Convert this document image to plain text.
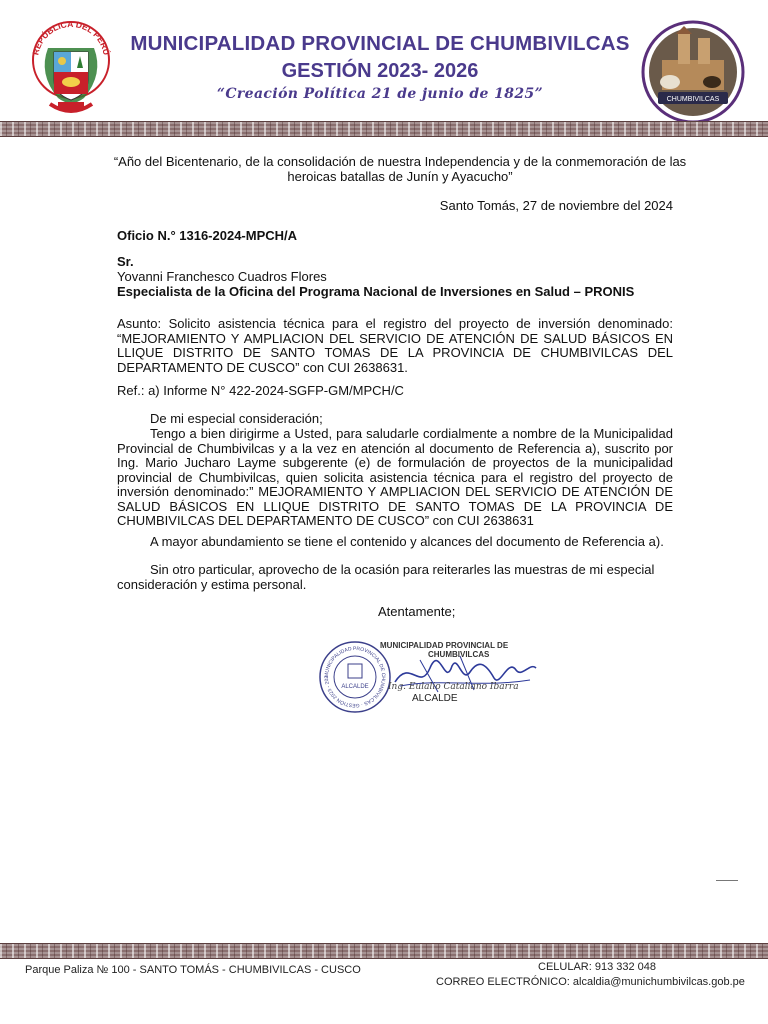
REPÚBLICA DEL PERÚ MUNICIPALIDAD PROVINCIAL DE CHUMBIVILCAS
GESTIÓN 2023- 2026
“Creación Política 21 de junio de 1825”	CHUMBIVILCAS
“Año del Bicentenario, de la consolidación de nuestra Independencia y de la conmemoración de las heroicas batallas de Junín y Ayacucho”
Santo Tomás, 27 de noviembre del 2024
Oficio N.° 1316-2024-MPCH/A
Sr.
Yovanni Franchesco Cuadros Flores
Especialista de la Oficina del Programa Nacional de Inversiones en Salud – PRONIS
Asunto: Solicito asistencia técnica para el registro del proyecto de inversión denominado: “MEJORAMIENTO Y AMPLIACION DEL SERVICIO DE ATENCIÓN DE SALUD BÁSICOS EN LLIQUE DISTRITO DE SANTO TOMAS DE LA PROVINCIA DE CHUMBIVILCAS DEL DEPARTAMENTO DE CUSCO” con CUI 2638631.
Ref.: a) Informe N° 422-2024-SGFP-GM/MPCH/C
De mi especial consideración;
Tengo a bien dirigirme a Usted, para saludarle cordialmente a nombre de la Municipalidad Provincial de Chumbivilcas y a la vez en atención al documento de Referencia a), suscrito por Ing. Mario Jucharo Layme subgerente (e) de formulación de proyectos de la municipalidad provincial de Chumbivilcas, quien solicita asistencia técnica para el registro del proyecto de inversión denominado:” MEJORAMIENTO Y AMPLIACION DEL SERVICIO DE ATENCIÓN DE SALUD BÁSICOS EN LLIQUE DISTRITO DE SANTO TOMAS DE LA PROVINCIA DE CHUMBIVILCAS DEL DEPARTAMENTO DE CUSCO” con CUI 2638631
A mayor abundamiento se tiene el contenido y alcances del documento de Referencia a).
Sin otro particular, aprovecho de la ocasión para reiterarles las muestras de mi especial consideración y estima personal.
Atentamente;
MUNICIPALIDAD PROVINCIAL DE CHUMBIVILCAS · GESTIÓN 2023 - 202
ALCALDE
MUNICIPALIDAD PROVINCIAL DE
CHUMBIVILCAS
Ing. Eulalio Cataliano Ibarra
ALCALDE
Parque Paliza № 100 - SANTO TOMÁS - CHUMBIVILCAS - CUSCO	CELULAR: 913 332 048
CORREO ELECTRÓNICO: alcaldia@munichumbivilcas.gob.pe
